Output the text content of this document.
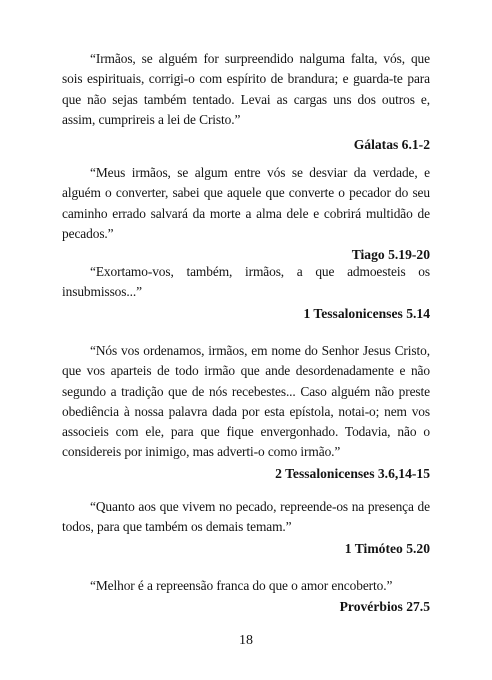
“Irmãos, se alguém for surpreendido nalguma falta, vós, que sois espirituais, corrigi-o com espírito de brandura; e guarda-te para que não sejas também tentado. Levai as cargas uns dos outros e, assim, cumprireis a lei de Cristo.”

Gálatas 6.1-2

“Meus irmãos, se algum entre vós se desviar da verdade, e alguém o converter, sabei que aquele que converte o pecador do seu caminho errado salvará da morte a alma dele e cobrirá multidão de pecados.”

Tiago 5.19-20

“Exortamo-vos, também, irmãos, a que admoesteis os insubmissos...”

1 Tessalonicenses 5.14

“Nós vos ordenamos, irmãos, em nome do Senhor Jesus Cristo, que vos aparteis de todo irmão que ande desordenadamente e não segundo a tradição que de nós recebestes... Caso alguém não preste obediência à nossa palavra dada por esta epístola, notai-o; nem vos associeis com ele, para que fique envergonhado. Todavia, não o considereis por inimigo, mas adverti-o como irmão.”

2 Tessalonicenses 3.6,14-15

“Quanto aos que vivem no pecado, repreende-os na presença de todos, para que também os demais temam.”

1 Timóteo 5.20

“Melhor é a repreensão franca do que o amor encoberto.”

Provérbios 27.5

18
